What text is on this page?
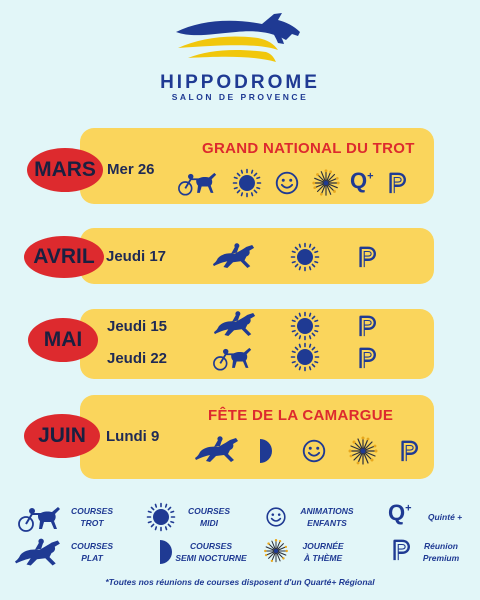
HIPPODROME
SALON DE PROVENCE
MARS Mer 26
GRAND NATIONAL DU TROT
Q+
AVRIL Jeudi 17
MAI
Jeudi 15
Jeudi 22
JUIN	Lundi 9
FÊTE DE LA CAMARGUE
COURSES
TROT
COURSES
MIDI
ANIMATIONS
ENFANTS	Q+
Quinté +
COURSES
PLAT
COURSES
SEMI NOCTURNE
JOURNÉE
À THÈME
Réunion
Premium
*Toutes nos réunions de courses disposent d'un Quarté+ Régional
